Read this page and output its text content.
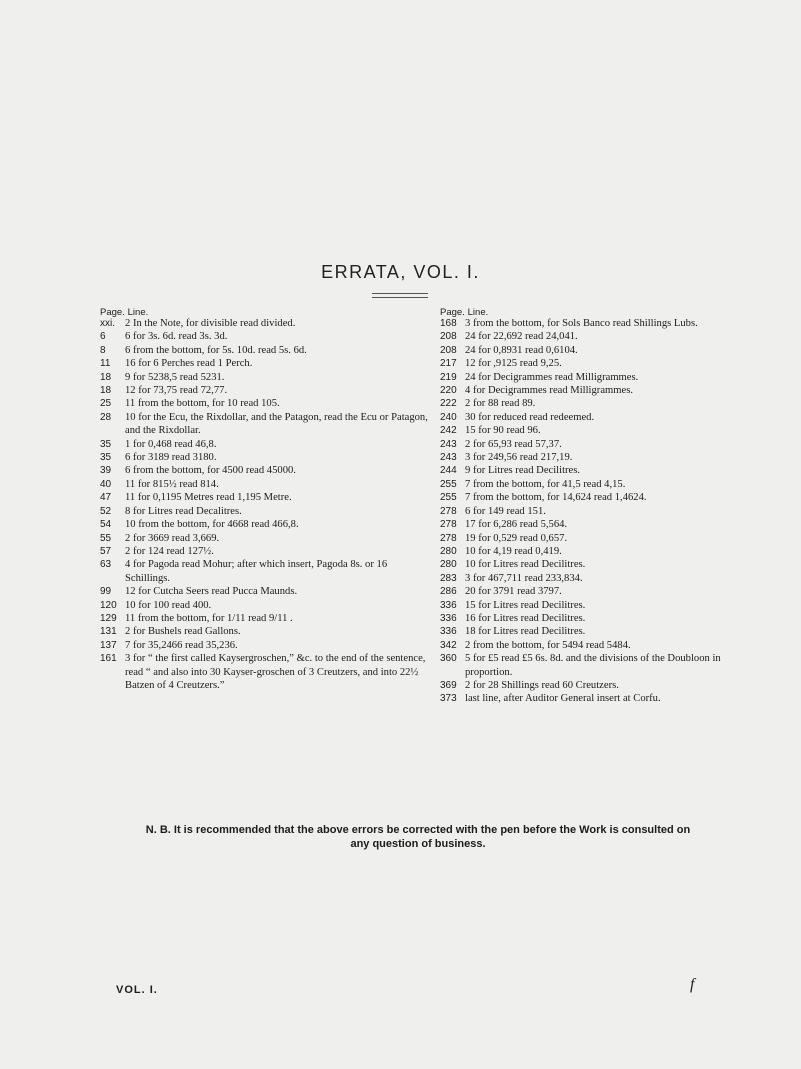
ERRATA, VOL. I.
Page. Line.
xxi. 2 In the Note, for divisible read divided.
6	6 for 3s. 6d. read 3s. 3d.
8	6 from the bottom, for 5s. 10d. read 5s. 6d.
11	16 for 6 Perches read 1 Perch.
18	9 for 5238,5 read 5231.
18	12 for 73,75 read 72,77.
25	11 from the bottom, for 10 read 105.
28	10 for the Ecu, the Rixdollar, and the Patagon, read the Ecu or Patagon, and the Rixdollar.
35	1 for 0,468 read 46,8.
35	6 for 3189 read 3180.
39	6 from the bottom, for 4500 read 45000.
40	11 for 815½ read 814.
47	11 for 0,1195 Metres read 1,195 Metre.
52	8 for Litres read Decalitres.
54	10 from the bottom, for 4668 read 466,8.
55	2 for 3669 read 3,669.
57	2 for 124 read 127½.
63	4 for Pagoda read Mohur; after which insert, Pagoda 8s. or 16 Schillings.
99	12 for Cutcha Seers read Pucca Maunds.
120 10 for 100 read 400.
129 11 from the bottom, for 1/11 read 9/11 .
131 2 for Bushels read Gallons.
137 7 for 35,2466 read 35,236.
161 3 for “ the first called Kaysergroschen,” &c. to the end of the sentence, read “ and also into 30 Kayser-groschen of 3 Creutzers, and into 22½ Batzen of 4 Creutzers.”
Page. Line.
168 3 from the bottom, for Sols Banco read Shillings Lubs.
208 24 for 22,692 read 24,041.
208 24 for 0,8931 read 0,6104.
217 12 for ,9125 read 9,25.
219 24 for Decigrammes read Milligrammes.
220 4 for Decigrammes read Milligrammes.
222 2 for 88 read 89.
240 30 for reduced read redeemed.
242 15 for 90 read 96.
243 2 for 65,93 read 57,37.
243 3 for 249,56 read 217,19.
244 9 for Litres read Decilitres.
255 7 from the bottom, for 41,5 read 4,15.
255 7 from the bottom, for 14,624 read 1,4624.
278 6 for 149 read 151.
278 17 for 6,286 read 5,564.
278 19 for 0,529 read 0,657.
280 10 for 4,19 read 0,419.
280 10 for Litres read Decilitres.
283 3 for 467,711 read 233,834.
286 20 for 3791 read 3797.
336 15 for Litres read Decilitres.
336 16 for Litres read Decilitres.
336 18 for Litres read Decilitres.
342 2 from the bottom, for 5494 read 5484.
360 5 for £5 read £5 6s. 8d. and the divisions of the Doubloon in proportion.
369 2 for 28 Shillings read 60 Creutzers.
373 last line, after Auditor General insert at Corfu.
N. B. It is recommended that the above errors be corrected with the pen before the Work is consulted on any question of business.
VOL. I.	f
